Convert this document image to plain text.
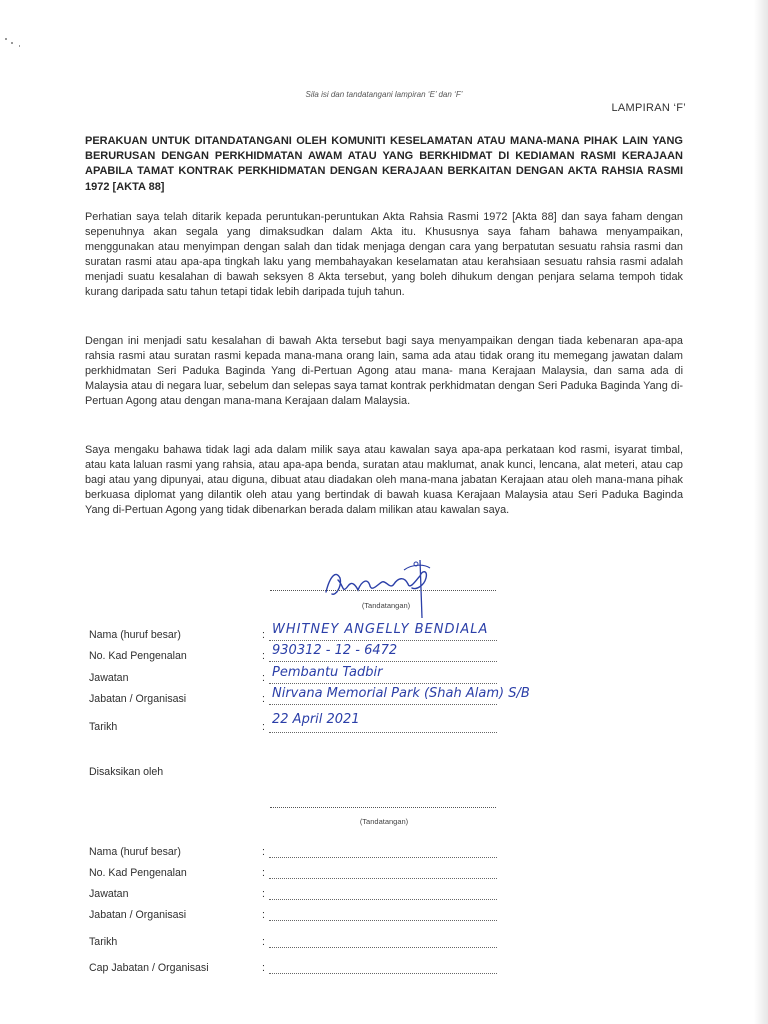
Sila isi dan tandatangani lampiran ‘E’ dan ‘F’
LAMPIRAN ‘F’

PERAKUAN UNTUK DITANDATANGANI OLEH KOMUNITI KESELAMATAN ATAU MANA-MANA PIHAK LAIN YANG BERURUSAN DENGAN PERKHIDMATAN AWAM ATAU YANG BERKHIDMAT DI KEDIAMAN RASMI KERAJAAN APABILA TAMAT KONTRAK PERKHIDMATAN DENGAN KERAJAAN BERKAITAN DENGAN AKTA RAHSIA RASMI 1972 [AKTA 88]

Perhatian saya telah ditarik kepada peruntukan-peruntukan Akta Rahsia Rasmi 1972 [Akta 88] dan saya faham dengan sepenuhnya akan segala yang dimaksudkan dalam Akta itu. Khususnya saya faham bahawa menyampaikan, menggunakan atau menyimpan dengan salah dan tidak menjaga dengan cara yang berpatutan sesuatu rahsia rasmi dan suratan rasmi atau apa-apa tingkah laku yang membahayakan keselamatan atau kerahsiaan sesuatu rahsia rasmi adalah menjadi suatu kesalahan di bawah seksyen 8 Akta tersebut, yang boleh dihukum dengan penjara selama tempoh tidak kurang daripada satu tahun tetapi tidak lebih daripada tujuh tahun.

Dengan ini menjadi satu kesalahan di bawah Akta tersebut bagi saya menyampaikan dengan tiada kebenaran apa-apa rahsia rasmi atau suratan rasmi kepada mana-mana orang lain, sama ada atau tidak orang itu memegang jawatan dalam perkhidmatan Seri Paduka Baginda Yang di-Pertuan Agong atau mana- mana Kerajaan Malaysia, dan sama ada di Malaysia atau di negara luar, sebelum dan selepas saya tamat kontrak perkhidmatan dengan Seri Paduka Baginda Yang di-Pertuan Agong atau dengan mana-mana Kerajaan dalam Malaysia.

Saya mengaku bahawa tidak lagi ada dalam milik saya atau kawalan saya apa-apa perkataan kod rasmi, isyarat timbal, atau kata laluan rasmi yang rahsia, atau apa-apa benda, suratan atau maklumat, anak kunci, lencana, alat meteri, atau cap bagi atau yang dipunyai, atau diguna, dibuat atau diadakan oleh mana-mana jabatan Kerajaan atau oleh mana-mana pihak berkuasa diplomat yang dilantik oleh atau yang bertindak di bawah kuasa Kerajaan Malaysia atau Seri Paduka Baginda Yang di-Pertuan Agong yang tidak dibenarkan berada dalam milikan atau kawalan saya.

(Tandatangan)
Nama (huruf besar)	: WHITNEY ANGELLY BENDIALA
No. Kad Pengenalan	: 930312 - 12 - 6472
Jawatan	: Pembantu Tadbir
Jabatan / Organisasi	: Nirvana Memorial Park (Shah Alam) S/B
Tarikh	: 22 April 2021
Disaksikan oleh
(Tandatangan)
Nama (huruf besar)	:
No. Kad Pengenalan	:
Jawatan	:
Jabatan / Organisasi	:
Tarikh	:
Cap Jabatan / Organisasi	:
